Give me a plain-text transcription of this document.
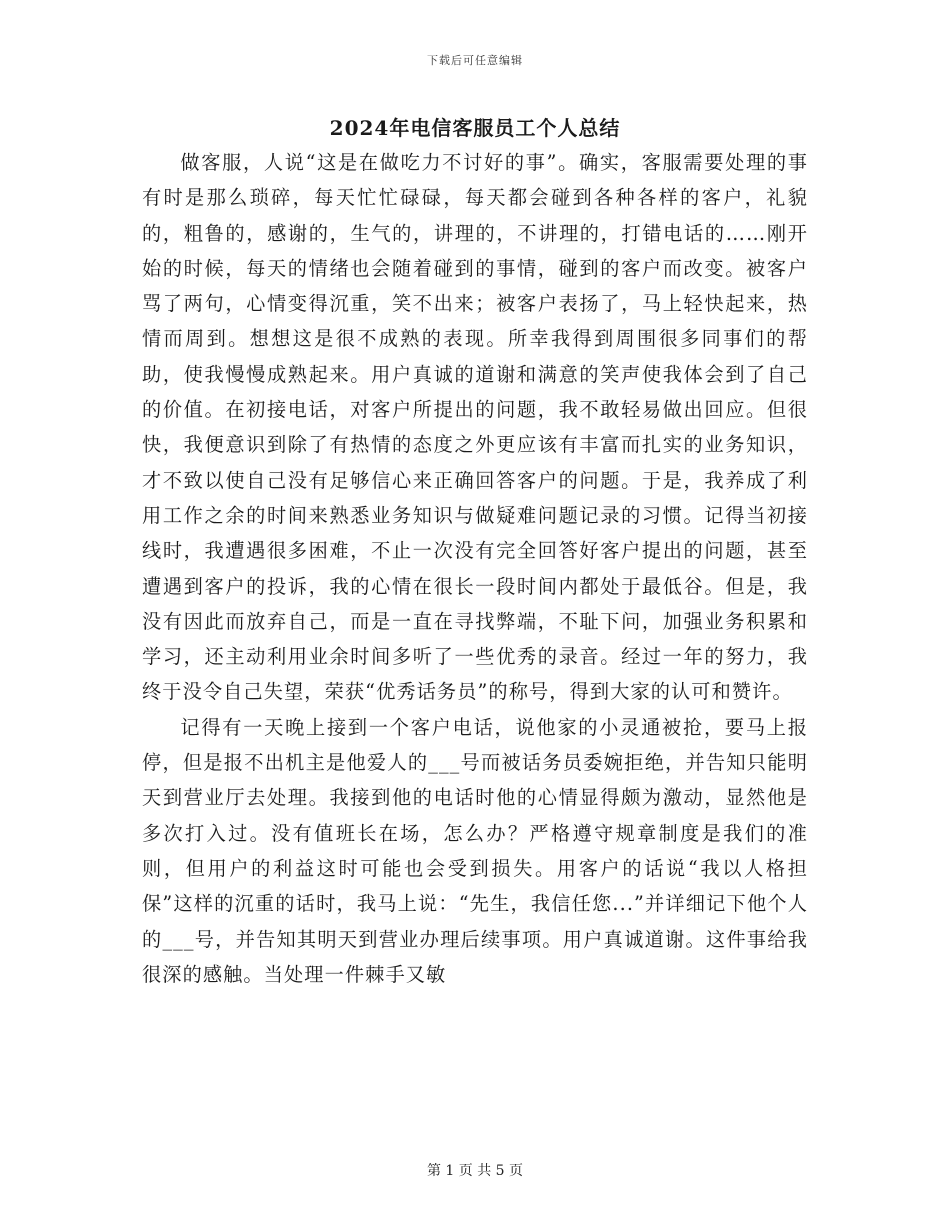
下载后可任意编辑
2024年电信客服员工个人总结

做客服，人说“这是在做吃力不讨好的事”。确实，客服需要处理的事有时是那么琐碎，每天忙忙碌碌，每天都会碰到各种各样的客户，礼貌的，粗鲁的，感谢的，生气的，讲理的，不讲理的，打错电话的……刚开始的时候，每天的情绪也会随着碰到的事情，碰到的客户而改变。被客户骂了两句，心情变得沉重，笑不出来；被客户表扬了，马上轻快起来，热情而周到。想想这是很不成熟的表现。所幸我得到周围很多同事们的帮助，使我慢慢成熟起来。用户真诚的道谢和满意的笑声使我体会到了自己的价值。在初接电话，对客户所提出的问题，我不敢轻易做出回应。但很快，我便意识到除了有热情的态度之外更应该有丰富而扎实的业务知识，才不致以使自己没有足够信心来正确回答客户的问题。于是，我养成了利用工作之余的时间来熟悉业务知识与做疑难问题记录的习惯。记得当初接线时，我遭遇很多困难，不止一次没有完全回答好客户提出的问题，甚至遭遇到客户的投诉，我的心情在很长一段时间内都处于最低谷。但是，我没有因此而放弃自己，而是一直在寻找弊端，不耻下问，加强业务积累和学习，还主动利用业余时间多听了一些优秀的录音。经过一年的努力，我终于没令自己失望，荣获“优秀话务员”的称号，得到大家的认可和赞许。

记得有一天晚上接到一个客户电话，说他家的小灵通被抢，要马上报停，但是报不出机主是他爱人的___号而被话务员委婉拒绝，并告知只能明天到营业厅去处理。我接到他的电话时他的心情显得颇为激动，显然他是多次打入过。没有值班长在场，怎么办？严格遵守规章制度是我们的准则，但用户的利益这时可能也会受到损失。用客户的话说“我以人格担保”这样的沉重的话时，我马上说：“先生，我信任您...”并详细记下他个人的___号，并告知其明天到营业办理后续事项。用户真诚道谢。这件事给我很深的感触。当处理一件棘手又敏

第 1 页 共 5 页
